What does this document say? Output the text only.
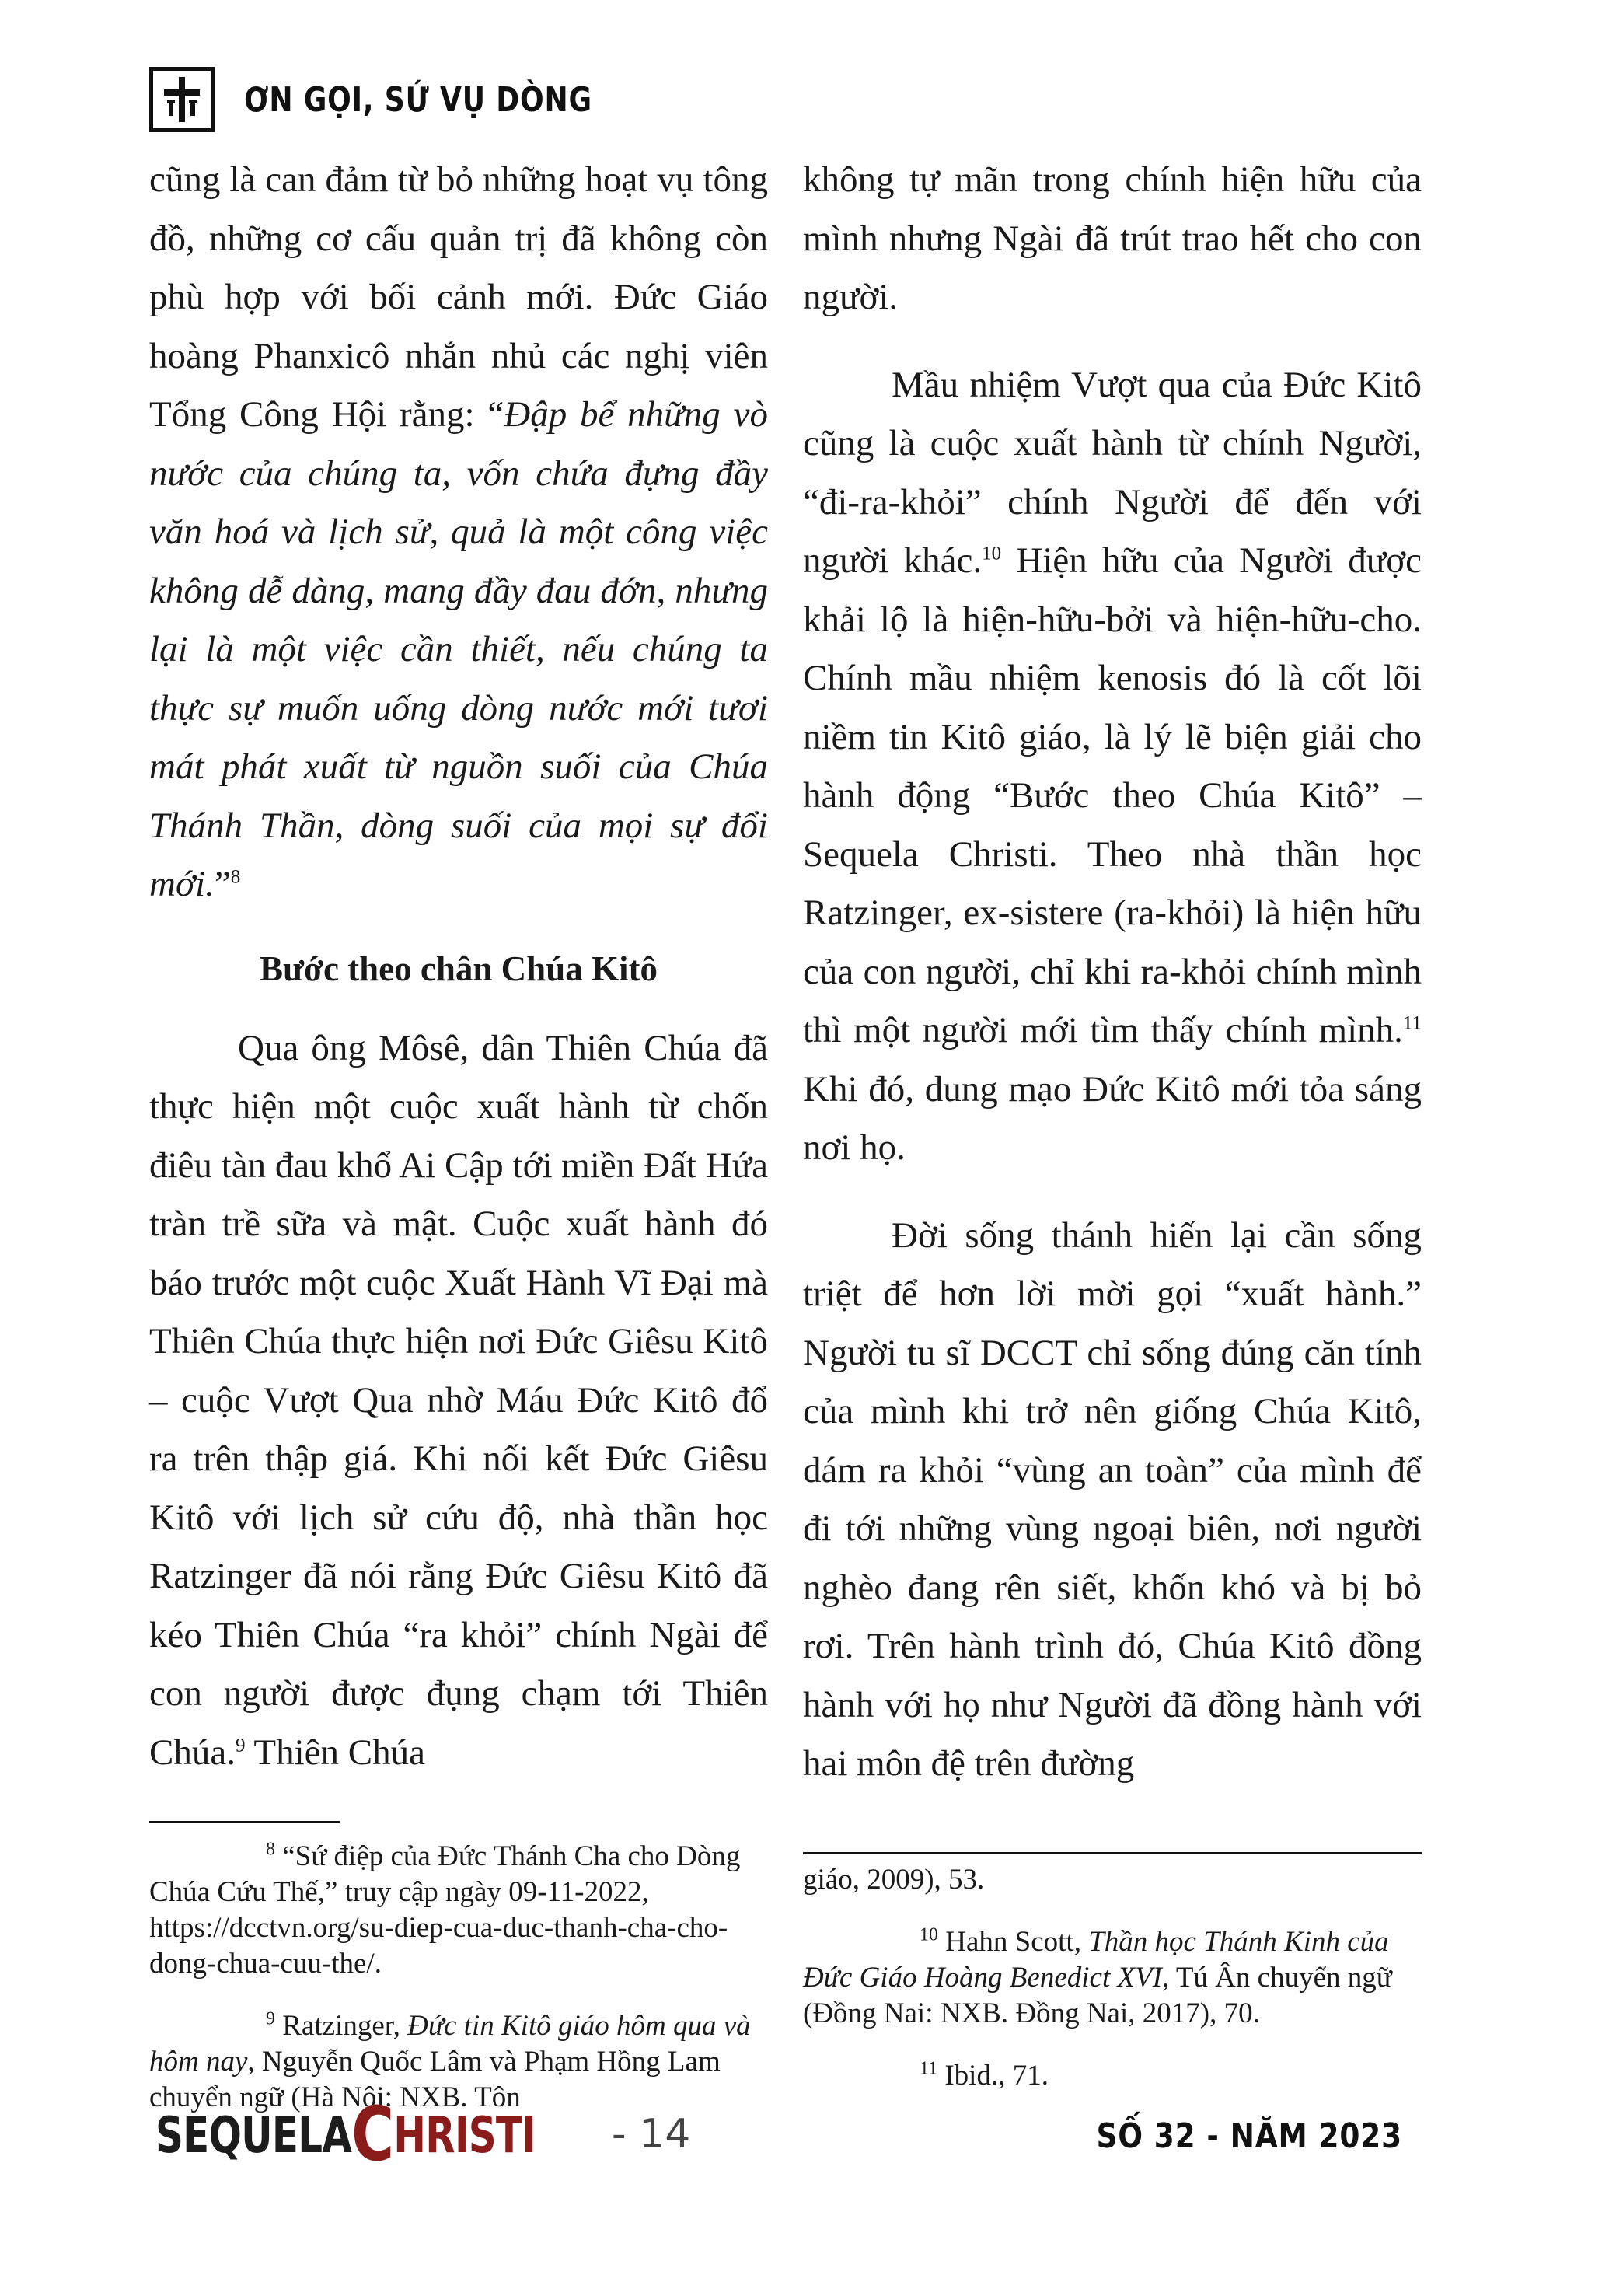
ƠN GỌI, SỨ VỤ DÒNG

cũng là can đảm từ bỏ những hoạt vụ tông đồ, những cơ cấu quản trị đã không còn phù hợp với bối cảnh mới. Đức Giáo hoàng Phanxicô nhắn nhủ các nghị viên Tổng Công Hội rằng: “Đập bể những vò nước của chúng ta, vốn chứa đựng đầy văn hoá và lịch sử, quả là một công việc không dễ dàng, mang đầy đau đớn, nhưng lại là một việc cần thiết, nếu chúng ta thực sự muốn uống dòng nước mới tươi mát phát xuất từ nguồn suối của Chúa Thánh Thần, dòng suối của mọi sự đổi mới.”$^8$

Bước theo chân Chúa Kitô

Qua ông Môsê, dân Thiên Chúa đã thực hiện một cuộc xuất hành từ chốn điêu tàn đau khổ Ai Cập tới miền Đất Hứa tràn trề sữa và mật. Cuộc xuất hành đó báo trước một cuộc Xuất Hành Vĩ Đại mà Thiên Chúa thực hiện nơi Đức Giêsu Kitô – cuộc Vượt Qua nhờ Máu Đức Kitô đổ ra trên thập giá. Khi nối kết Đức Giêsu Kitô với lịch sử cứu độ, nhà thần học Ratzinger đã nói rằng Đức Giêsu Kitô đã kéo Thiên Chúa “ra khỏi” chính Ngài để con người được đụng chạm tới Thiên Chúa.$^9$ Thiên Chúa

không tự mãn trong chính hiện hữu của mình nhưng Ngài đã trút trao hết cho con người.

Mầu nhiệm Vượt qua của Đức Kitô cũng là cuộc xuất hành từ chính Người, “đi-ra-khỏi” chính Người để đến với người khác.$^{10}$ Hiện hữu của Người được khải lộ là hiện-hữu-bởi và hiện-hữu-cho. Chính mầu nhiệm kenosis đó là cốt lõi niềm tin Kitô giáo, là lý lẽ biện giải cho hành động “Bước theo Chúa Kitô” – Sequela Christi. Theo nhà thần học Ratzinger, ex-sistere (ra-khỏi) là hiện hữu của con người, chỉ khi ra-khỏi chính mình thì một người mới tìm thấy chính mình.$^{11}$ Khi đó, dung mạo Đức Kitô mới tỏa sáng nơi họ.

Đời sống thánh hiến lại cần sống triệt để hơn lời mời gọi “xuất hành.” Người tu sĩ DCCT chỉ sống đúng căn tính của mình khi trở nên giống Chúa Kitô, dám ra khỏi “vùng an toàn” của mình để đi tới những vùng ngoại biên, nơi người nghèo đang rên siết, khốn khó và bị bỏ rơi. Trên hành trình đó, Chúa Kitô đồng hành với họ như Người đã đồng hành với hai môn đệ trên đường

$^8$ “Sứ điệp của Đức Thánh Cha cho Dòng Chúa Cứu Thế,” truy cập ngày 09-11-2022, https://dcctvn.org/su-diep-cua-duc-thanh-cha-cho-dong-chua-cuu-the/.

$^9$ Ratzinger, Đức tin Kitô giáo hôm qua và hôm nay, Nguyễn Quốc Lâm và Phạm Hồng Lam chuyển ngữ (Hà Nội: NXB. Tôn

giáo, 2009), 53.

$^{10}$ Hahn Scott, Thần học Thánh Kinh của Đức Giáo Hoàng Benedict XVI, Tú Ân chuyển ngữ (Đồng Nai: NXB. Đồng Nai, 2017), 70.

$^{11}$ Ibid., 71.

SEQUELACHRISTI - 14	SỐ 32 - NĂM 2023
